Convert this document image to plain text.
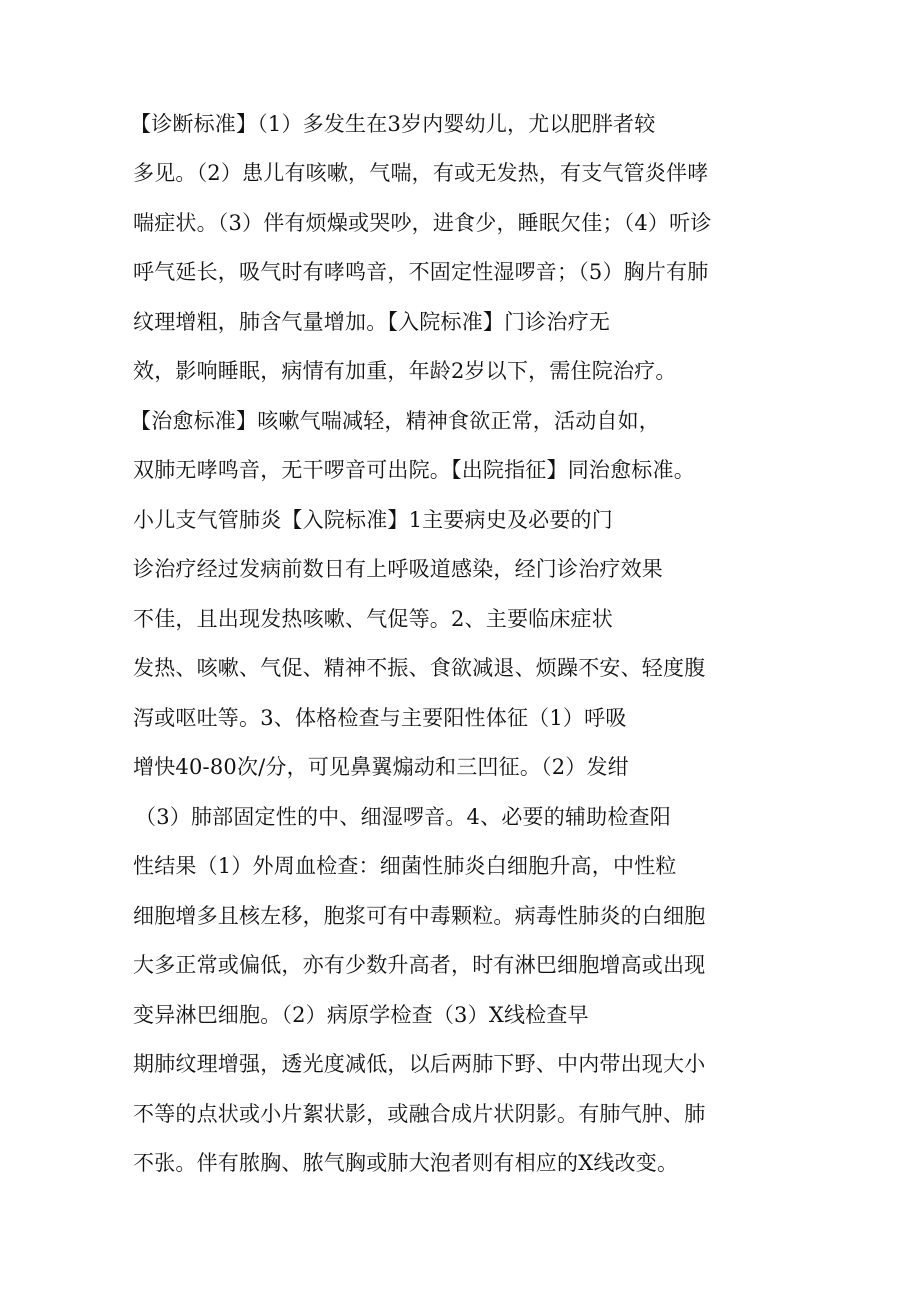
【诊断标准】（1）多发生在3岁内婴幼儿，尤以肥胖者较
多见。（2）患儿有咳嗽，气喘，有或无发热，有支气管炎伴哮
喘症状。（3）伴有烦燥或哭吵，进食少，睡眠欠佳；（4）听诊
呼气延长，吸气时有哮鸣音，不固定性湿啰音；（5）胸片有肺
纹理增粗，肺含气量增加。【入院标准】门诊治疗无
效，影响睡眠，病情有加重，年龄2岁以下，需住院治疗。
【治愈标准】咳嗽气喘减轻，精神食欲正常，活动自如，
双肺无哮鸣音，无干啰音可出院。【出院指征】同治愈标准。
小儿支气管肺炎【入院标准】1主要病史及必要的门
诊治疗经过发病前数日有上呼吸道感染，经门诊治疗效果
不佳，且出现发热咳嗽、气促等。2、主要临床症状
发热、咳嗽、气促、精神不振、食欲减退、烦躁不安、轻度腹
泻或呕吐等。3、体格检查与主要阳性体征（1）呼吸
增快40-80次/分，可见鼻翼煽动和三凹征。（2）发绀
（3）肺部固定性的中、细湿啰音。4、必要的辅助检查阳
性结果（1）外周血检查：细菌性肺炎白细胞升高，中性粒
细胞增多且核左移，胞浆可有中毒颗粒。病毒性肺炎的白细胞
大多正常或偏低，亦有少数升高者，时有淋巴细胞增高或出现
变异淋巴细胞。（2）病原学检查（3）X线检查早
期肺纹理增强，透光度减低，以后两肺下野、中内带出现大小
不等的点状或小片絮状影，或融合成片状阴影。有肺气肿、肺
不张。伴有脓胸、脓气胸或肺大泡者则有相应的X线改变。
